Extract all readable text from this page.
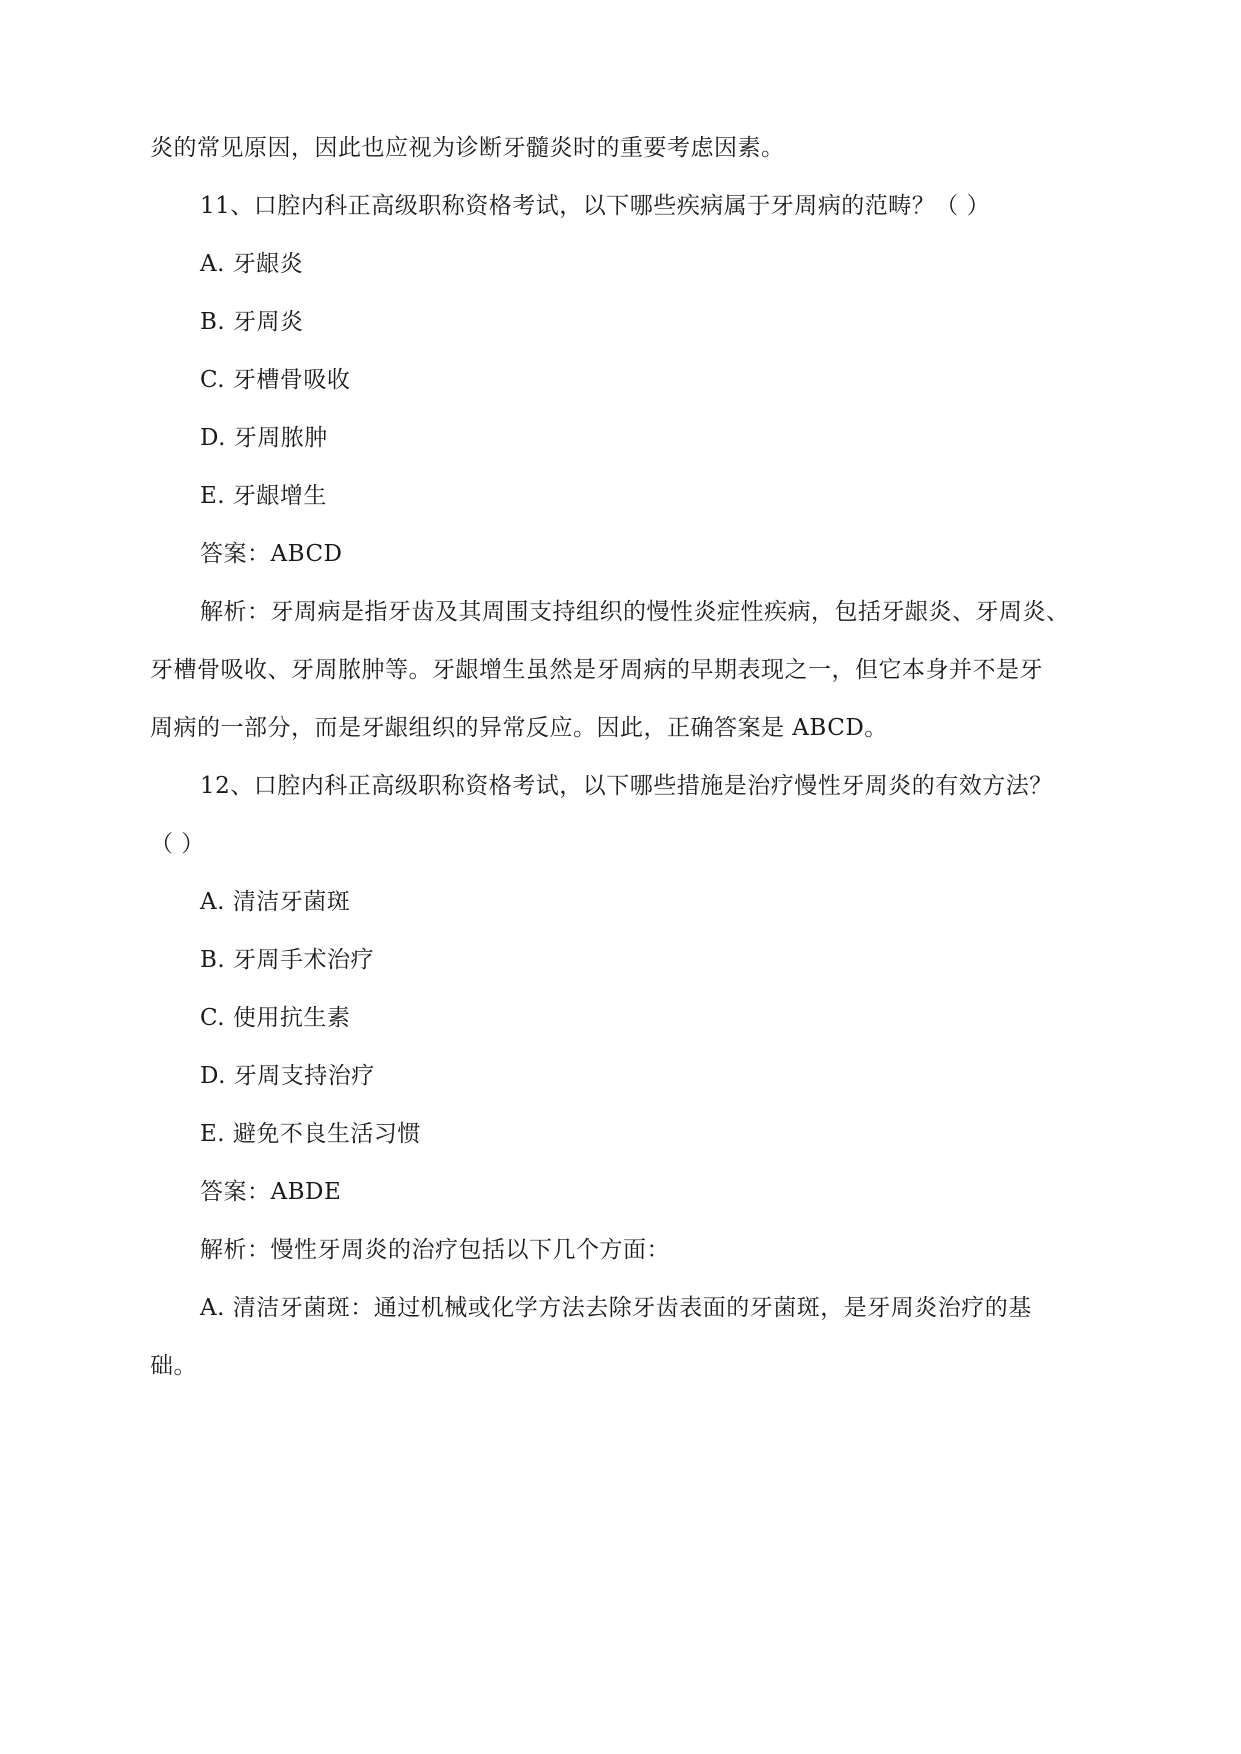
炎的常见原因，因此也应视为诊断牙髓炎时的重要考虑因素。
11、口腔内科正高级职称资格考试，以下哪些疾病属于牙周病的范畴？（ ）
A. 牙龈炎
B. 牙周炎
C. 牙槽骨吸收
D. 牙周脓肿
E. 牙龈增生
答案：ABCD
解析：牙周病是指牙齿及其周围支持组织的慢性炎症性疾病，包括牙龈炎、牙周炎、
牙槽骨吸收、牙周脓肿等。牙龈增生虽然是牙周病的早期表现之一，但它本身并不是牙
周病的一部分，而是牙龈组织的异常反应。因此，正确答案是 ABCD。
12、口腔内科正高级职称资格考试，以下哪些措施是治疗慢性牙周炎的有效方法？
（ ）
A. 清洁牙菌斑
B. 牙周手术治疗
C. 使用抗生素
D. 牙周支持治疗
E. 避免不良生活习惯
答案：ABDE
解析：慢性牙周炎的治疗包括以下几个方面：
A. 清洁牙菌斑：通过机械或化学方法去除牙齿表面的牙菌斑，是牙周炎治疗的基
础。
